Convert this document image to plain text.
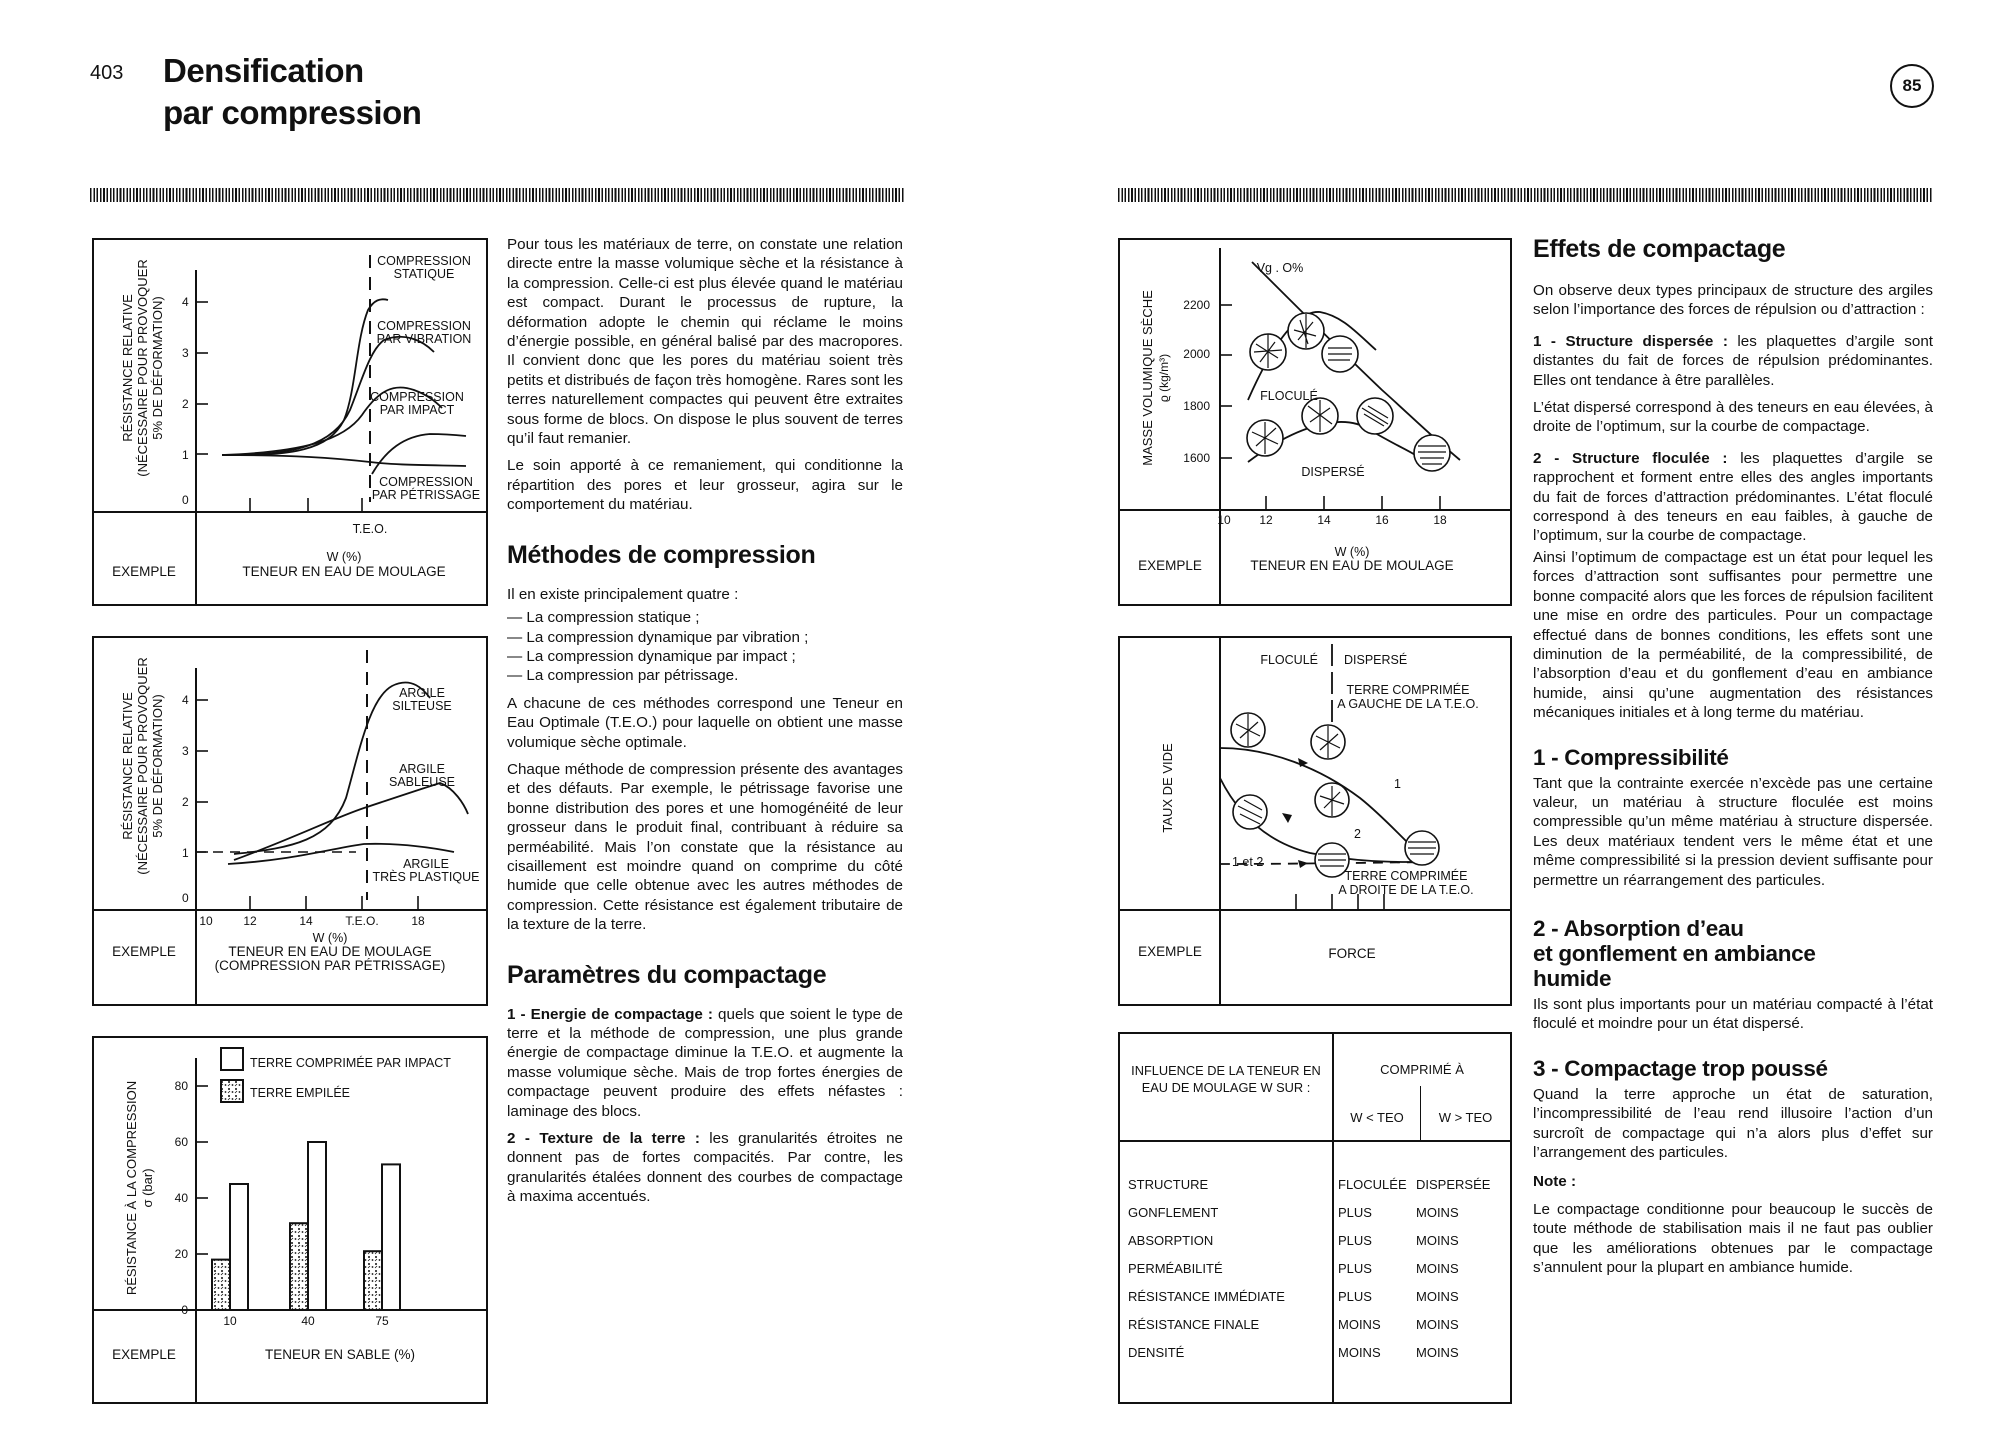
403 Densification
par compression
85
RÉSISTANCE RELATIVE (NÉCESSAIRE POUR PROVOQUER 5% DE DÉFORMATION) 4
3
2
1
0
COMPRESSION
STATIQUE
COMPRESSION
PAR VIBRATION
COMPRESSION
PAR IMPACT
COMPRESSION
PAR PÉTRISSAGE
T.E.O.
W (%)
TENEUR EN EAU DE MOULAGE
EXEMPLE
RÉSISTANCE RELATIVE (NÉCESSAIRE POUR PROVOQUER 5% DE DÉFORMATION) 4
3
2
1
0
ARGILE
SILTEUSE
ARGILE
SABLEUSE
ARGILE
TRÈS PLASTIQUE
10	12	14	T.E.O.	18
W (%)
TENEUR EN EAU DE MOULAGE
(COMPRESSION PAR PÉTRISSAGE)
EXEMPLE
RÉSISTANCE À LA COMPRESSION σ (bar)
0
20
40
60
80
10	40	75
TERRE COMPRIMÉE PAR IMPACT
TERRE EMPILÉE
EXEMPLE	TENEUR EN SABLE (%)

Pour tous les matériaux de terre, on constate une relation directe entre la masse volumique sèche et la résistance à la compression. Celle-ci est plus élevée quand le matériau est compact. Durant le processus de rupture, la déformation adopte le chemin qui réclame le moins d’énergie possible, en général balisé par des macropores. Il convient donc que les pores du matériau soient très petits et distribués de façon très homogène. Rares sont les terres naturellement compactes qui peuvent être extraites sous forme de blocs. On dispose le plus souvent de terres qu’il faut remanier.

Le soin apporté à ce remaniement, qui conditionne la répartition des pores et leur grosseur, agira sur le comportement du matériau.

Méthodes de compression

Il en existe principalement quatre :

— La compression statique ;
— La compression dynamique par vibration ;
— La compression dynamique par impact ;
— La compression par pétrissage.

A chacune de ces méthodes correspond une Teneur en Eau Optimale (T.E.O.) pour laquelle on obtient une masse volumique sèche optimale.

Chaque méthode de compression présente des avantages et des défauts. Par exemple, le pétrissage favorise une bonne distribution des pores et une homogénéité de leur grosseur dans le produit final, contribuant à réduire sa perméabilité. Mais l’on constate que la résistance au cisaillement est moindre quand on comprime du côté humide que celle obtenue avec les autres méthodes de compression. Cette résistance est également tributaire de la texture de la terre.

Paramètres du compactage

1 - Energie de compactage : quels que soient le type de terre et la méthode de compression, une plus grande énergie de compactage diminue la T.E.O. et augmente la masse volumique sèche. Mais de trop fortes énergies de compactage peuvent produire des effets néfastes : laminage des blocs.

2 - Texture de la terre : les granularités étroites ne donnent pas de fortes compacités. Par contre, les granularités étalées donnent des courbes de compactage à maxima accentués.

MASSE VOLUMIQUE SÈCHE ϱ (kg/m³)
2200
2000
1800
1600
Vg . O%
FLOCULÉ
DISPERSÉ
10 12	14	16	18
W (%)
TENEUR EN EAU DE MOULAGE
EXEMPLE
TAUX DE VIDE
FLOCULÉ DISPERSÉ
TERRE COMPRIMÉE
A GAUCHE DE LA T.E.O.
1
2
1 et 2
TERRE COMPRIMÉE
A DROITE DE LA T.E.O.
EXEMPLE	FORCE
INFLUENCE DE LA TENEUR EN EAU DE MOULAGE W SUR :
COMPRIMÉ À
W < TEO	W > TEO
STRUCTURE	FLOCULÉE	DISPERSÉE
GONFLEMENT	PLUS	MOINS
ABSORPTION	PLUS	MOINS
PERMÉABILITÉ	PLUS	MOINS
RÉSISTANCE IMMÉDIATE	PLUS	MOINS
RÉSISTANCE FINALE	MOINS	MOINS
DENSITÉ	MOINS	MOINS
Effets de compactage

On observe deux types principaux de structure des argiles selon l’importance des forces de répulsion ou d’attraction :

1 - Structure dispersée : les plaquettes d’argile sont distantes du fait de forces de répulsion prédominantes. Elles ont tendance à être parallèles.

L’état dispersé correspond à des teneurs en eau élevées, à droite de l’optimum, sur la courbe de compactage.

2 - Structure floculée : les plaquettes d’argile se rapprochent et forment entre elles des angles importants du fait de forces d’attraction prédominantes. L’état floculé correspond à des teneurs en eau faibles, à gauche de l’optimum, sur la courbe de compactage.

Ainsi l’optimum de compactage est un état pour lequel les forces d’attraction sont suffisantes pour permettre une bonne compacité alors que les forces de répulsion facilitent une mise en ordre des particules. Pour un compactage effectué dans de bonnes conditions, les effets sont une diminution de la perméabilité, de la compressibilité, de l’absorption d’eau et du gonflement d’eau en ambiance humide, ainsi qu’une augmentation des résistances mécaniques initiales et à long terme du matériau.

1 - Compressibilité

Tant que la contrainte exercée n’excède pas une certaine valeur, un matériau à structure floculée est moins compressible qu’un même matériau à structure dispersée. Les deux matériaux tendent vers le même état et une même compressibilité si la pression devient suffisante pour permettre un réarrangement des particules.

2 - Absorption d’eau
et gonflement en ambiance
humide

Ils sont plus importants pour un matériau compacté à l’état floculé et moindre pour un état dispersé.

3 - Compactage trop poussé

Quand la terre approche un état de saturation, l’incompressibilité de l’eau rend illusoire l’action d’un surcroît de compactage qui n’a alors plus d’effet sur l’arrangement des particules.

Note :

Le compactage conditionne pour beaucoup le succès de toute méthode de stabilisation mais il ne faut pas oublier que les améliorations obtenues par le compactage s’annulent pour la plupart en ambiance humide.
